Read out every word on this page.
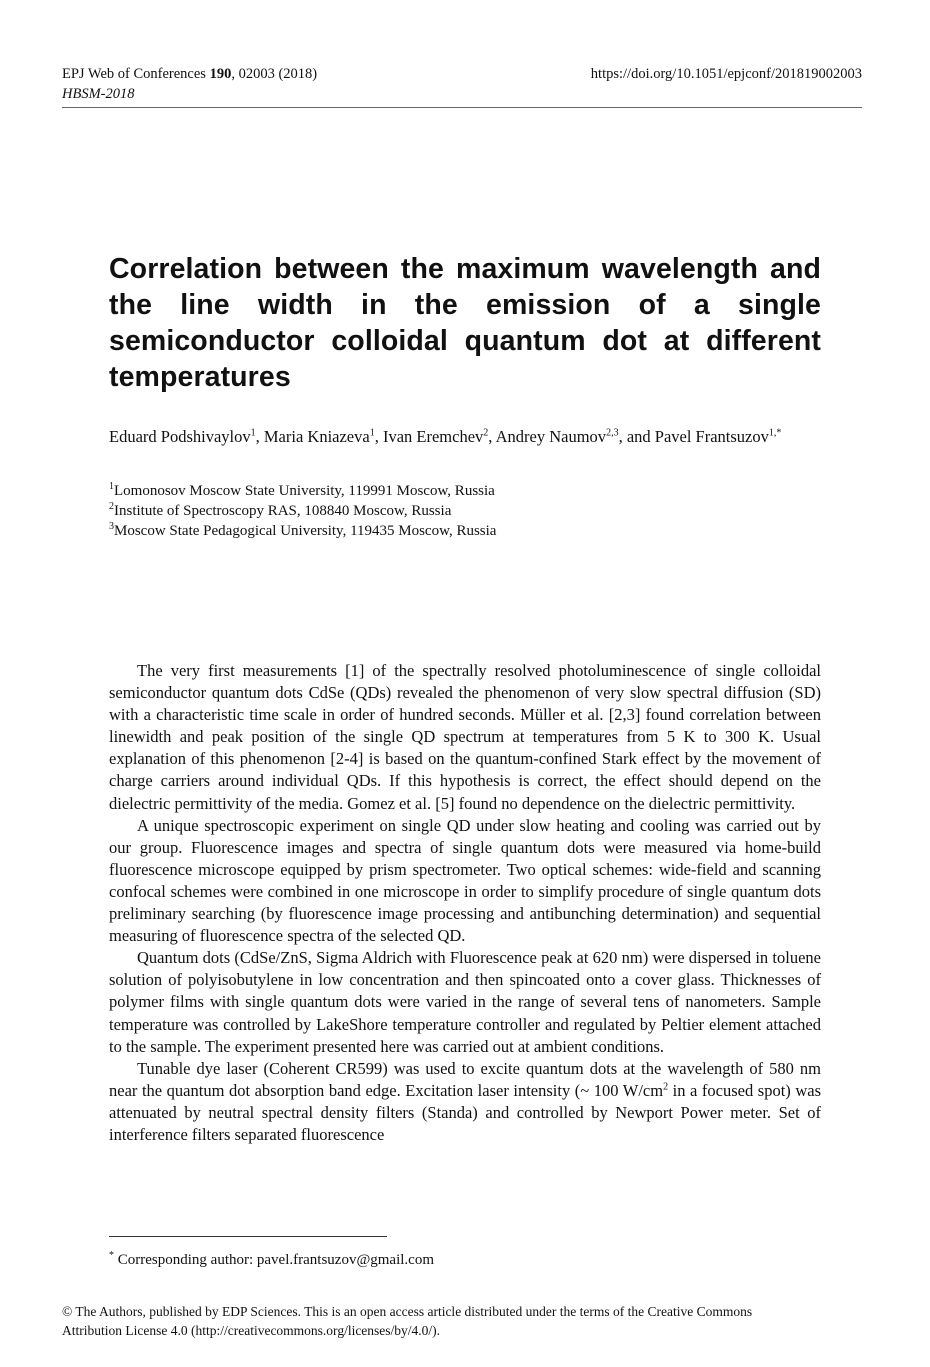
EPJ Web of Conferences 190, 02003 (2018)	https://doi.org/10.1051/epjconf/201819002003
HBSM-2018
Correlation between the maximum wavelength and the line width in the emission of a single semiconductor colloidal quantum dot at different temperatures

Eduard Podshivaylov$^1$, Maria Kniazeva$^1$, Ivan Eremchev$^2$, Andrey Naumov$^{2,3}$, and Pavel Frantsuzov$^{1,*}$

$^1$Lomonosov Moscow State University, 119991 Moscow, Russia
$^2$Institute of Spectroscopy RAS, 108840 Moscow, Russia
$^3$Moscow State Pedagogical University, 119435 Moscow, Russia

The very first measurements [1] of the spectrally resolved photoluminescence of single colloidal semiconductor quantum dots CdSe (QDs) revealed the phenomenon of very slow spectral diffusion (SD) with a characteristic time scale in order of hundred seconds. Müller et al. [2,3] found correlation between linewidth and peak position of the single QD spectrum at temperatures from 5 K to 300 K. Usual explanation of this phenomenon [2-4] is based on the quantum-confined Stark effect by the movement of charge carriers around individual QDs. If this hypothesis is correct, the effect should depend on the dielectric permittivity of the media. Gomez et al. [5] found no dependence on the dielectric permittivity.

A unique spectroscopic experiment on single QD under slow heating and cooling was carried out by our group. Fluorescence images and spectra of single quantum dots were measured via home-build fluorescence microscope equipped by prism spectrometer. Two optical schemes: wide-field and scanning confocal schemes were combined in one microscope in order to simplify procedure of single quantum dots preliminary searching (by fluorescence image processing and antibunching determination) and sequential measuring of fluorescence spectra of the selected QD.

Quantum dots (CdSe/ZnS, Sigma Aldrich with Fluorescence peak at 620 nm) were dispersed in toluene solution of polyisobutylene in low concentration and then spincoated onto a cover glass. Thicknesses of polymer films with single quantum dots were varied in the range of several tens of nanometers. Sample temperature was controlled by LakeShore temperature controller and regulated by Peltier element attached to the sample. The experiment presented here was carried out at ambient conditions.

Tunable dye laser (Coherent CR599) was used to excite quantum dots at the wavelength of 580 nm near the quantum dot absorption band edge. Excitation laser intensity (~ 100 $W/cm^2$ in a focused spot) was attenuated by neutral spectral density filters (Standa) and controlled by Newport Power meter. Set of interference filters separated fluorescence

* Corresponding author: pavel.frantsuzov@gmail.com
© The Authors, published by EDP Sciences. This is an open access article distributed under the terms of the Creative Commons
Attribution License 4.0 (http://creativecommons.org/licenses/by/4.0/).
